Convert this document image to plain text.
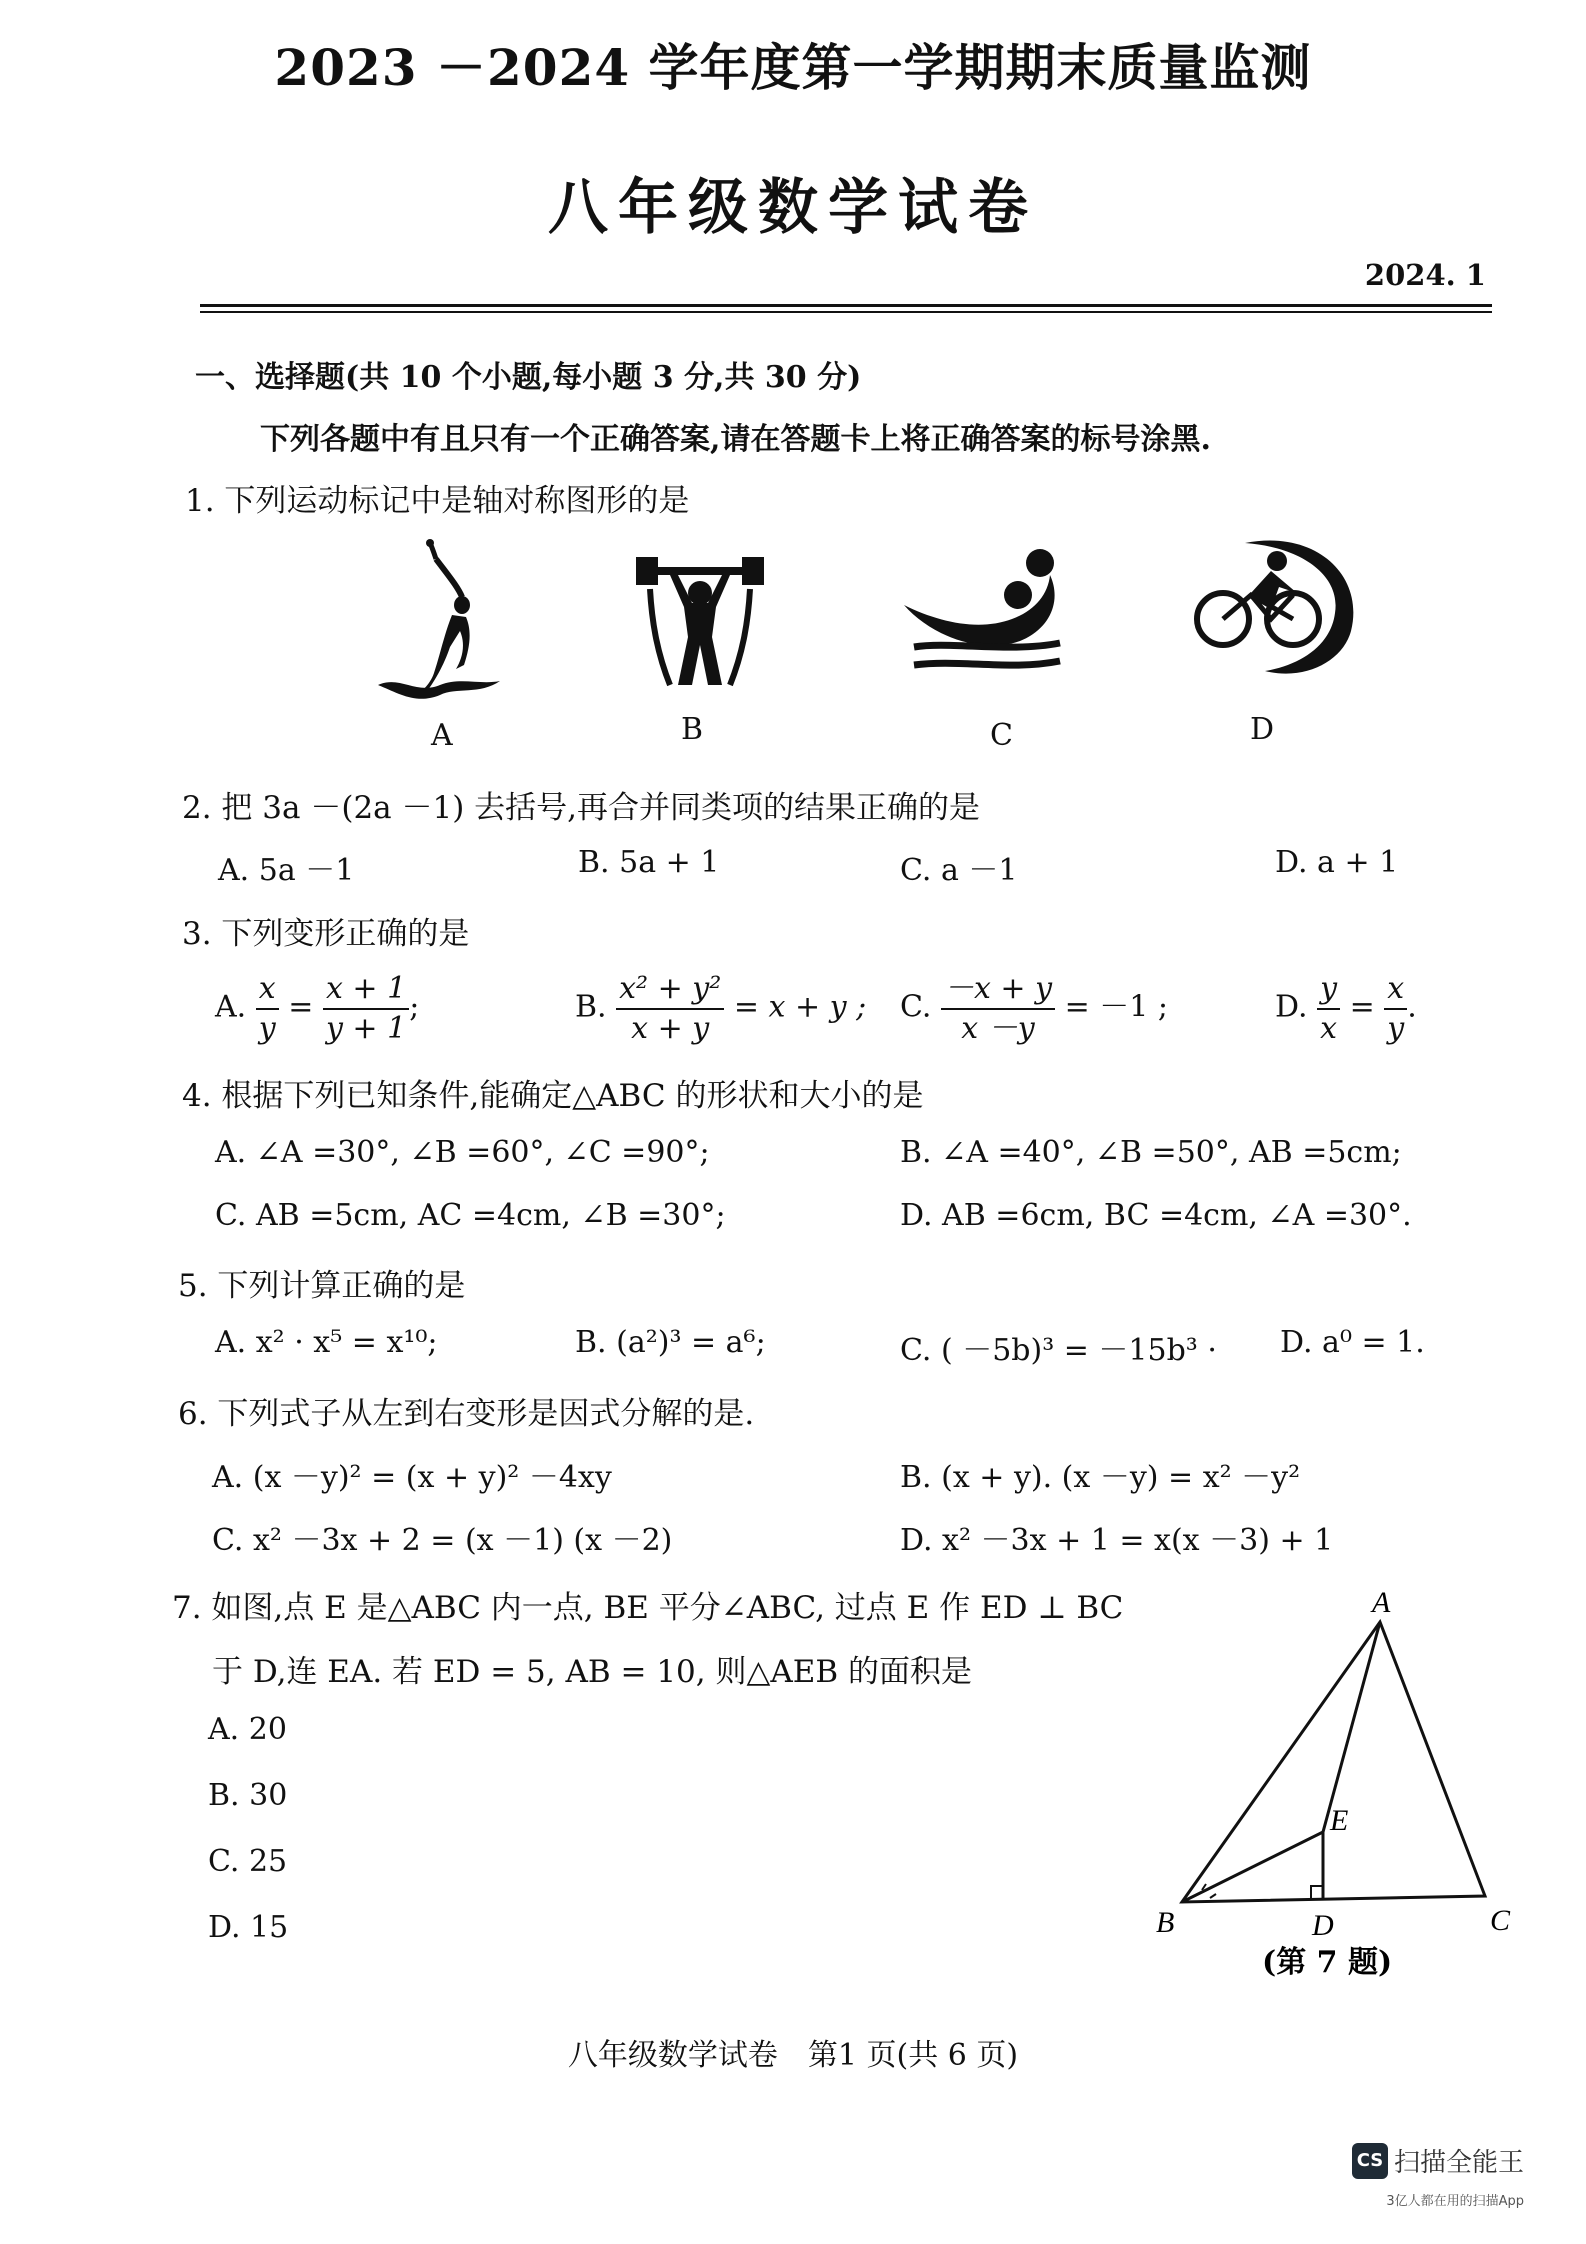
2023 －2024 学年度第一学期期末质量监测
八年级数学试卷
2024. 1
一、选择题(共 10 个小题,每小题 3 分,共 30 分)
下列各题中有且只有一个正确答案,请在答题卡上将正确答案的标号涂黑.
1. 下列运动标记中是轴对称图形的是
A	B	C	D
2. 把 3a －(2a －1) 去括号,再合并同类项的结果正确的是
A. 5a －1	B. 5a + 1	C. a －1	D. a + 1
3. 下列变形正确的是
A. $\frac{x}{y} = \frac{x + 1}{y + 1}$ ;	B. $\frac{\text{x² + y²}}{x + y} = x + y$ ; C. $\frac{-x + y}{x -y} = -1$ ;	D. $\frac{y}{x} = \frac{x}{y}$ .
4. 根据下列已知条件,能确定△ABC 的形状和大小的是
A. ∠A =30°, ∠B =60°, ∠C =90°;	B. ∠A =40°, ∠B =50°, AB =5cm;
C. AB =5cm, AC =4cm, ∠B =30°;	D. AB =6cm, BC =4cm, ∠A =30°.
5. 下列计算正确的是
A. x² · x⁵ = x¹⁰;	B. (a²)³ = a⁶;	C. ( －5b)³ = －15b³ · D. a⁰ = 1.
6. 下列式子从左到右变形是因式分解的是.
A. (x －y)² = (x + y)² －4xy	B. (x + y). (x －y) = x² －y²
C. x² －3x + 2 = (x －1) (x －2)	D. x² －3x + 1 = x(x －3) + 1
7. 如图,点 E 是△ABC 内一点, BE 平分∠ABC, 过点 E 作 ED ⊥ BC
于 D,连 EA. 若 ED = 5, AB = 10, 则△AEB 的面积是
A. 20
B. 30
C. 25
D. 15
A
B	C
D
E
(第 7 题)
八年级数学试卷　第1 页(共 6 页)
CS 扫描全能王
3亿人都在用的扫描App
